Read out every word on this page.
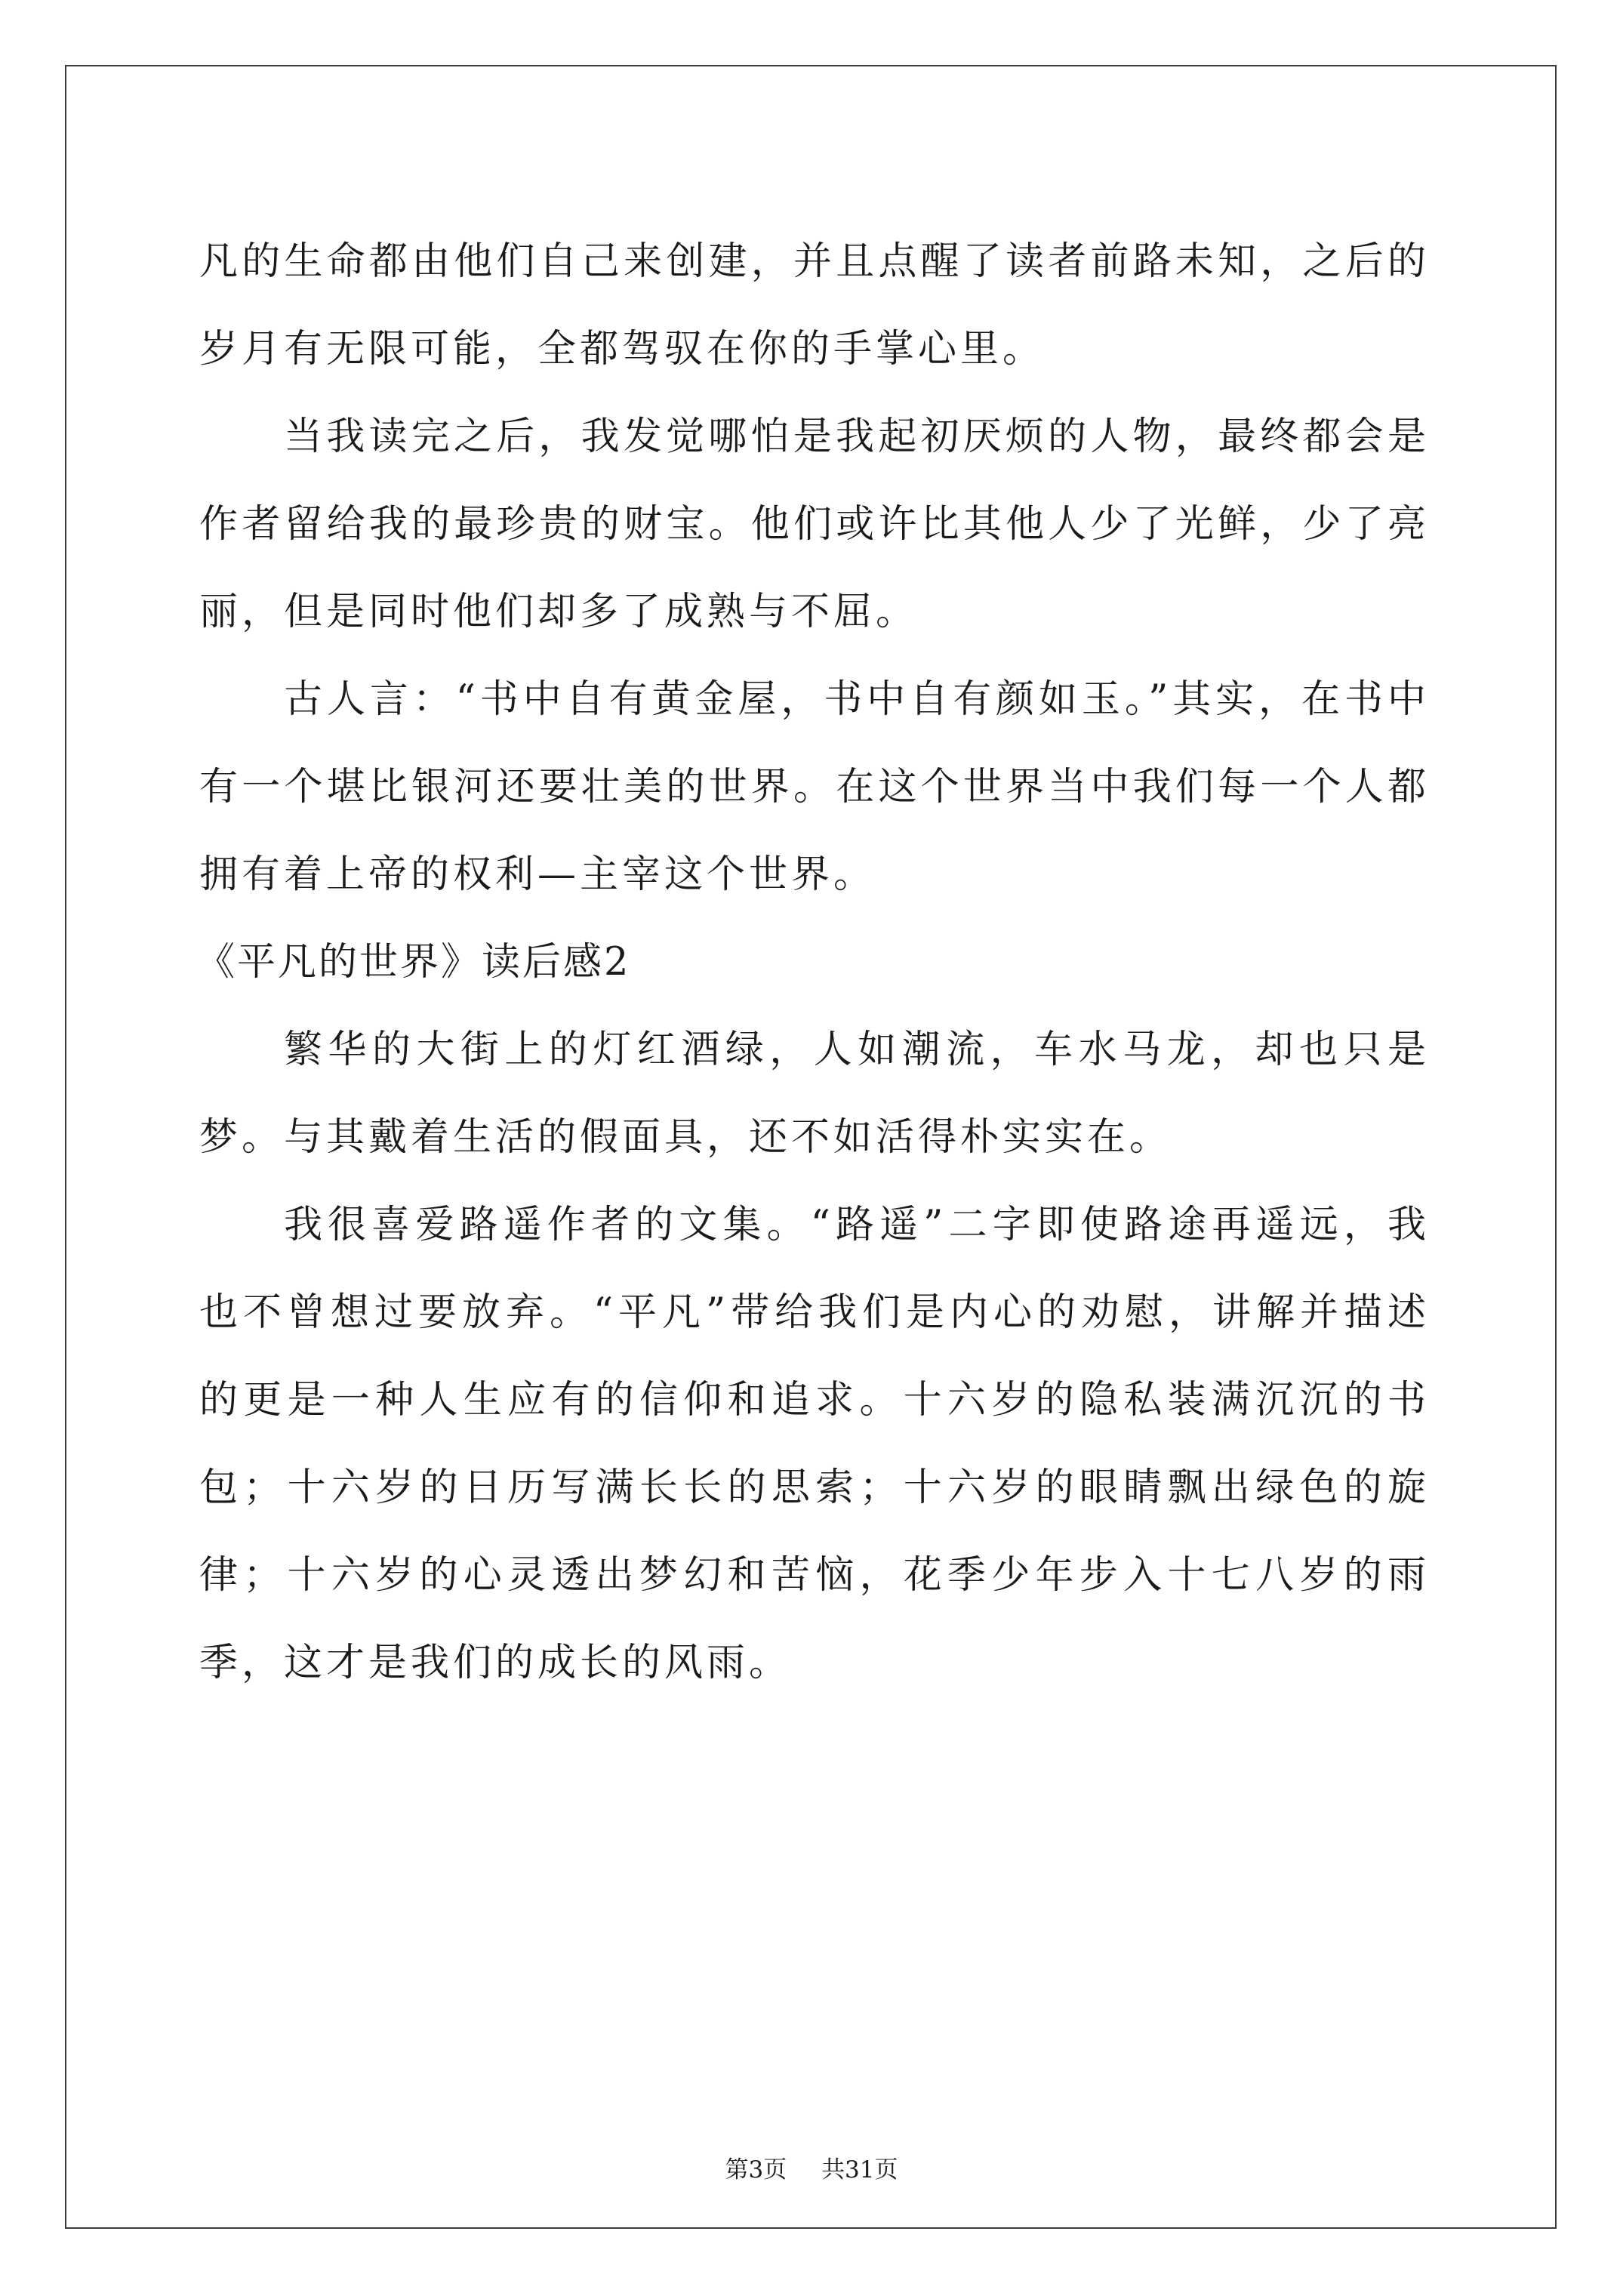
凡的生命都由他们自己来创建，并且点醒了读者前路未知，之后的岁月有无限可能，全都驾驭在你的手掌心里。

当我读完之后，我发觉哪怕是我起初厌烦的人物，最终都会是作者留给我的最珍贵的财宝。他们或许比其他人少了光鲜，少了亮丽，但是同时他们却多了成熟与不屈。

古人言：“书中自有黄金屋，书中自有颜如玉。”其实，在书中有一个堪比银河还要壮美的世界。在这个世界当中我们每一个人都拥有着上帝的权利—主宰这个世界。

《平凡的世界》读后感2

繁华的大街上的灯红酒绿，人如潮流，车水马龙，却也只是梦。与其戴着生活的假面具，还不如活得朴实实在。

我很喜爱路遥作者的文集。“路遥”二字即使路途再遥远，我也不曾想过要放弃。“平凡”带给我们是内心的劝慰，讲解并描述的更是一种人生应有的信仰和追求。十六岁的隐私装满沉沉的书包；十六岁的日历写满长长的思索；十六岁的眼睛飘出绿色的旋律；十六岁的心灵透出梦幻和苦恼，花季少年步入十七八岁的雨季，这才是我们的成长的风雨。

第3页 共31页
